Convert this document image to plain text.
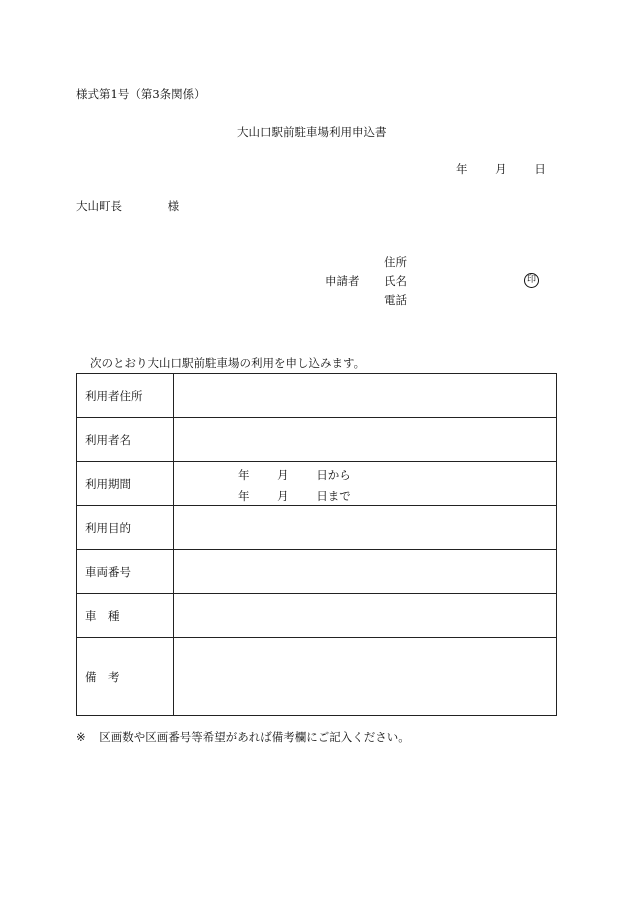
様式第1号（第3条関係）
大山口駅前駐車場利用申込書
年 月 日
大山町長	様
申請者
住所
氏名
電話
印
次のとおり大山口駅前駐車場の利用を申し込みます。
利用者住所	
利用者名	
利用期間	年 月 日から
年 月 日まで

利用目的	
車両番号	
車　種	
備　考	
※ 区画数や区画番号等希望があれば備考欄にご記入ください。
